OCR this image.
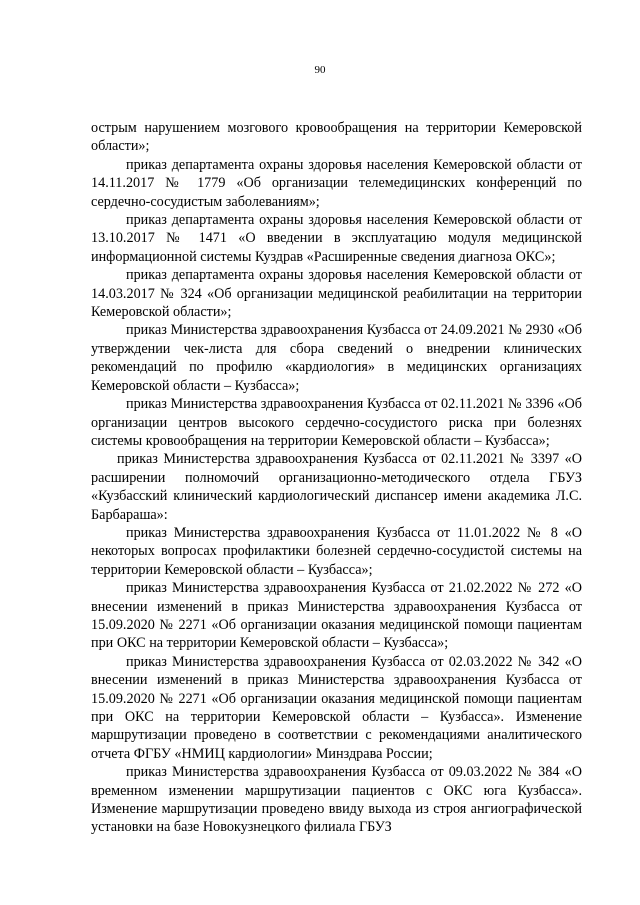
90

острым нарушением мозгового кровообращения на территории Кемеровской области»;

приказ департамента охраны здоровья населения Кемеровской области от 14.11.2017 № 1779 «Об организации телемедицинских конференций по сердечно-сосудистым заболеваниям»;

приказ департамента охраны здоровья населения Кемеровской области от 13.10.2017 № 1471 «О введении в эксплуатацию модуля медицинской информационной системы Куздрав «Расширенные сведения диагноза ОКС»;

приказ департамента охраны здоровья населения Кемеровской области от 14.03.2017 № 324 «Об организации медицинской реабилитации на территории Кемеровской области»;

приказ Министерства здравоохранения Кузбасса от 24.09.2021 № 2930 «Об утверждении чек-листа для сбора сведений о внедрении клинических рекомендаций по профилю «кардиология» в медицинских организациях Кемеровской области – Кузбасса»;

приказ Министерства здравоохранения Кузбасса от 02.11.2021 № 3396 «Об организации центров высокого сердечно-сосудистого риска при болезнях системы кровообращения на территории Кемеровской области – Кузбасса»;

приказ Министерства здравоохранения Кузбасса от 02.11.2021 № 3397 «О расширении полномочий организационно-методического отдела ГБУЗ «Кузбасский клинический кардиологический диспансер имени академика Л.С. Барбараша»:

приказ Министерства здравоохранения Кузбасса от 11.01.2022 № 8 «О некоторых вопросах профилактики болезней сердечно-сосудистой системы на территории Кемеровской области – Кузбасса»;

приказ Министерства здравоохранения Кузбасса от 21.02.2022 № 272 «О внесении изменений в приказ Министерства здравоохранения Кузбасса от 15.09.2020 № 2271 «Об организации оказания медицинской помощи пациентам при ОКС на территории Кемеровской области – Кузбасса»;

приказ Министерства здравоохранения Кузбасса от 02.03.2022 № 342 «О внесении изменений в приказ Министерства здравоохранения Кузбасса от 15.09.2020 № 2271 «Об организации оказания медицинской помощи пациентам при ОКС на территории Кемеровской области – Кузбасса». Изменение маршрутизации проведено в соответствии с рекомендациями аналитического отчета ФГБУ «НМИЦ кардиологии» Минздрава России;

приказ Министерства здравоохранения Кузбасса от 09.03.2022 № 384 «О временном изменении маршрутизации пациентов с ОКС юга Кузбасса». Изменение маршрутизации проведено ввиду выхода из строя ангиографической установки на базе Новокузнецкого филиала ГБУЗ
